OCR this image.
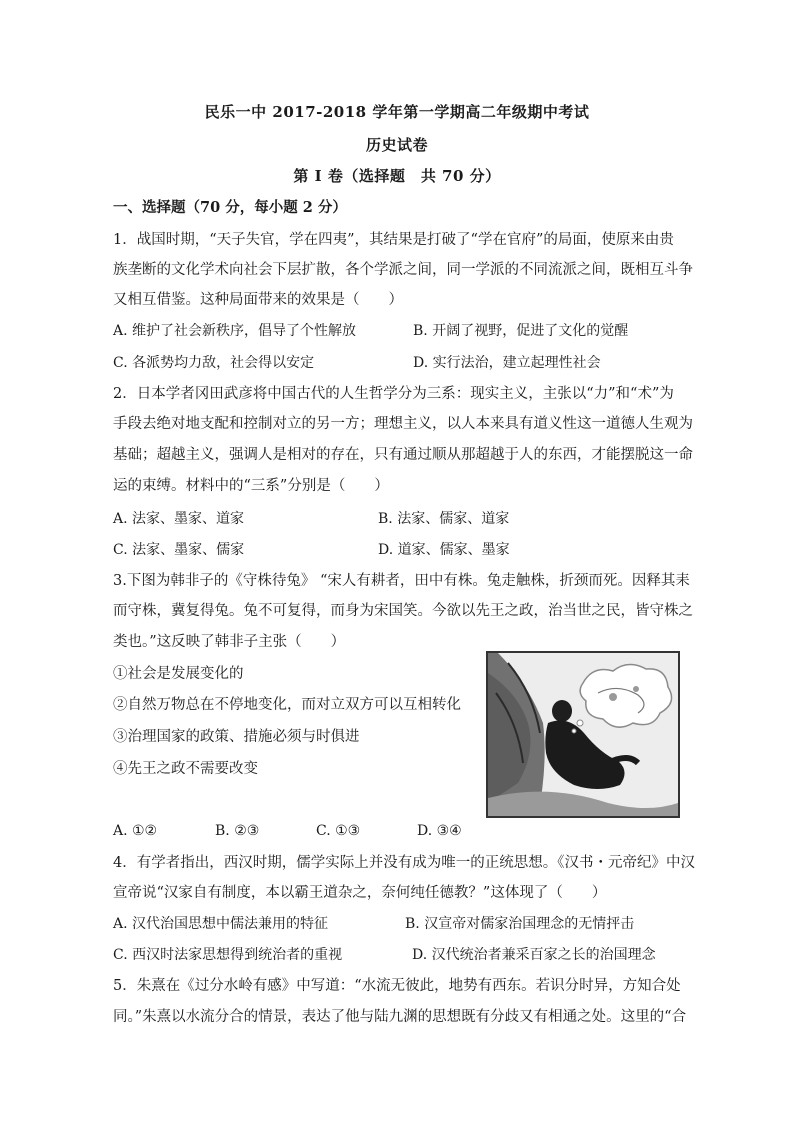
民乐一中 2017-2018 学年第一学期高二年级期中考试
历史试卷
第 I 卷（选择题　共 70 分）
一、选择题（70 分，每小题 2 分）
1．战国时期，“天子失官，学在四夷”，其结果是打破了“学在官府”的局面，使原来由贵
族垄断的文化学术向社会下层扩散，各个学派之间，同一学派的不同流派之间，既相互斗争
又相互借鉴。这种局面带来的效果是（　　）
A. 维护了社会新秩序，倡导了个性解放	B. 开阔了视野，促进了文化的觉醒
C. 各派势均力敌，社会得以安定	D. 实行法治，建立起理性社会
2．日本学者冈田武彦将中国古代的人生哲学分为三系：现实主义，主张以“力”和“术”为
手段去绝对地支配和控制对立的另一方；理想主义，以人本来具有道义性这一道德人生观为
基础；超越主义，强调人是相对的存在，只有通过顺从那超越于人的东西，才能摆脱这一命
运的束缚。材料中的“三系”分别是（　　）
A. 法家、墨家、道家	B. 法家、儒家、道家
C. 法家、墨家、儒家	D. 道家、儒家、墨家
3.下图为韩非子的《守株待兔》 “宋人有耕者，田中有株。兔走触株，折颈而死。因释其耒
而守株，冀复得兔。兔不可复得，而身为宋国笑。今欲以先王之政，治当世之民，皆守株之
类也。”这反映了韩非子主张（　　）
①社会是发展变化的
②自然万物总在不停地变化，而对立双方可以互相转化
③治理国家的政策、措施必须与时俱进
④先王之政不需要改变
A. ①②	B. ②③	C. ①③	D. ③④
4．有学者指出，西汉时期，儒学实际上并没有成为唯一的正统思想。《汉书・元帝纪》中汉
宣帝说“汉家自有制度，本以霸王道杂之，奈何纯任德教？”这体现了（　　）
A. 汉代治国思想中儒法兼用的特征	B. 汉宣帝对儒家治国理念的无情抨击
C. 西汉时法家思想得到统治者的重视	D. 汉代统治者兼采百家之长的治国理念
5．朱熹在《过分水岭有感》中写道：“水流无彼此，地势有西东。若识分时异，方知合处
同。”朱熹以水流分合的情景，表达了他与陆九渊的思想既有分歧又有相通之处。这里的“合
